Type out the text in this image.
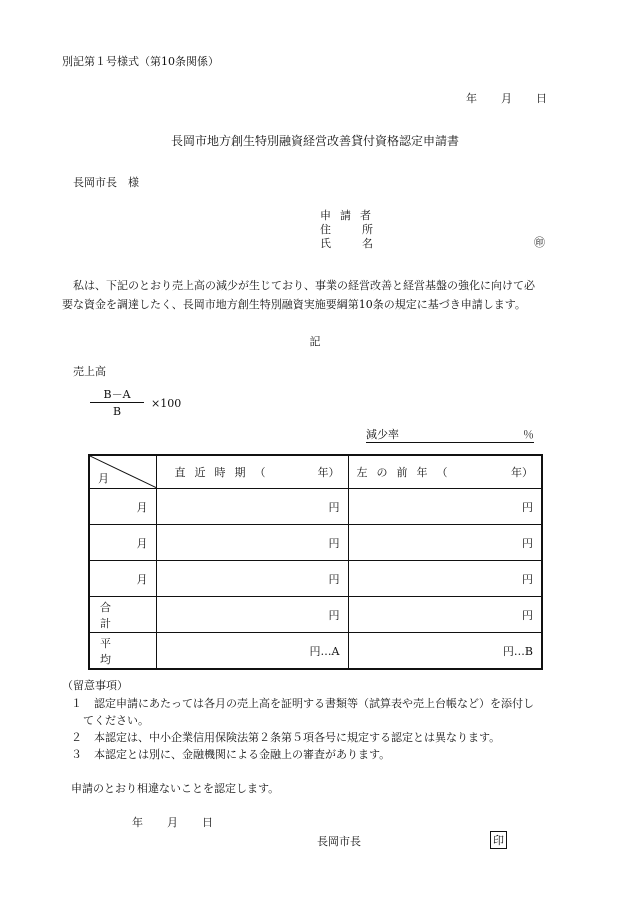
別記第１号様式（第10条関係）
年 月 日
長岡市地方創生特別融資経営改善貸付資格認定申請書
長岡市長　様
申請者
住所
氏名	㊞
私は、下記のとおり売上高の減少が生じており、事業の経営改善と経営基盤の強化に向けて必
要な資金を調達したく、長岡市地方創生特別融資実施要綱第10条の規定に基づき申請します。
記
売上高
B－A
B
×100
減少率	％
月	直近時期（ 年）	左の前年（ 年）

月	円	円
月	円	円
月	円	円
合計	円	円
平均	円…A	円…B
（留意事項）
１ 認定申請にあたっては各月の売上高を証明する書類等（試算表や売上台帳など）を添付し
てください。
２ 本認定は、中小企業信用保険法第２条第５項各号に規定する認定とは異なります。
３ 本認定とは別に、金融機関による金融上の審査があります。
申請のとおり相違ないことを認定します。
年 月 日
長岡市長	印
